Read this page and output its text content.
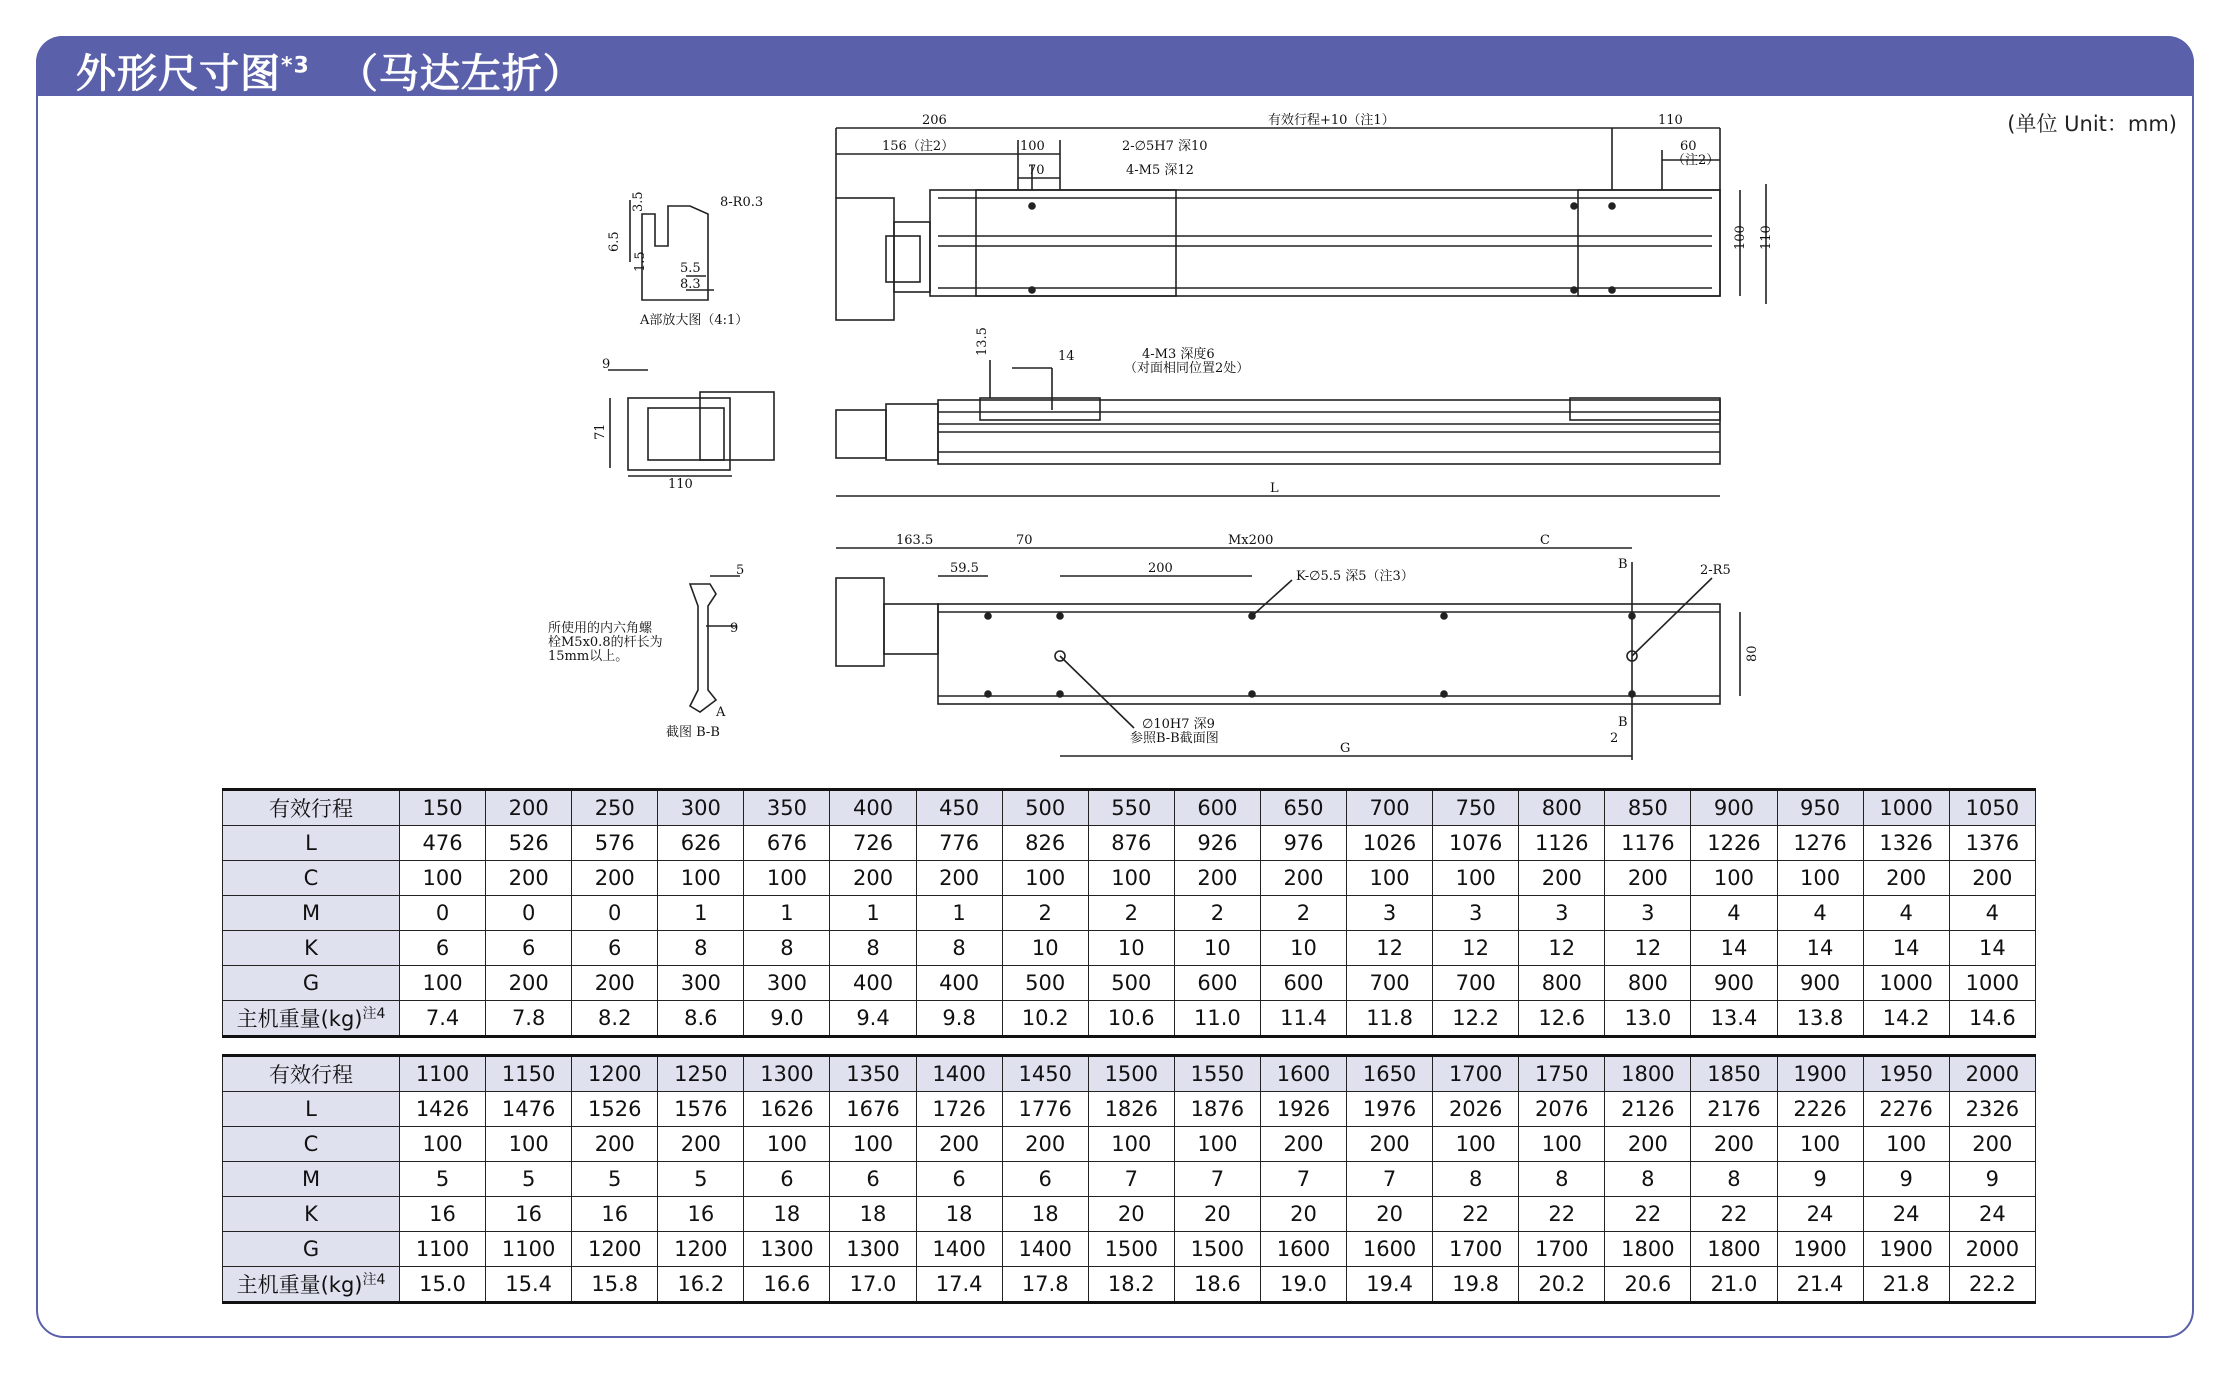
外形尺寸图$^{*3}$ （马达左折）
(单位 Unit：mm)
206	有效行程+10（注1）	110
156（注2）	100	2-∅5H7 深10	60
（注2）
70	4-M5 深12
100 110
3.5	8-R0.3
6.5
1.5 5.5
8.3
A部放大图（4:1）
13.5
14	4-M3 深度6
（对面相同位置2处）
L
9
71
110
163.5	70	Mx200	C
59.5	200
K-∅5.5 深5（注3）
B	2-R5
80
∅10H7 深9
参照B-B截面图
G
2
B
5
所使用的内六角螺
栓M5x0.8的杆长为
15mm以上。
9
A
截图 B-B
有效行程	150	200	250	300	350	400	450	500	550	600	650	700	750	800	850	900	950	1000	1050
L	476	526	576	626	676	726	776	826	876	926	976	1026	1076	1126	1176	1226	1276	1326	1376
C	100	200	200	100	100	200	200	100	100	200	200	100	100	200	200	100	100	200	200
M	0	0	0	1	1	1	1	2	2	2	2	3	3	3	3	4	4	4	4
K	6	6	6	8	8	8	8	10	10	10	10	12	12	12	12	14	14	14	14
G	100	200	200	300	300	400	400	500	500	600	600	700	700	800	800	900	900	1000	1000
主机重量(kg)$^{注4}$	7.4	7.8	8.2	8.6	9.0	9.4	9.8	10.2	10.6	11.0	11.4	11.8	12.2	12.6	13.0	13.4	13.8	14.2	14.6
有效行程	1100	1150	1200	1250	1300	1350	1400	1450	1500	1550	1600	1650	1700	1750	1800	1850	1900	1950	2000
L	1426	1476	1526	1576	1626	1676	1726	1776	1826	1876	1926	1976	2026	2076	2126	2176	2226	2276	2326
C	100	100	200	200	100	100	200	200	100	100	200	200	100	100	200	200	100	100	200
M	5	5	5	5	6	6	6	6	7	7	7	7	8	8	8	8	9	9	9
K	16	16	16	16	18	18	18	18	20	20	20	20	22	22	22	22	24	24	24
G	1100	1100	1200	1200	1300	1300	1400	1400	1500	1500	1600	1600	1700	1700	1800	1800	1900	1900	2000
主机重量(kg)$^{注4}$	15.0	15.4	15.8	16.2	16.6	17.0	17.4	17.8	18.2	18.6	19.0	19.4	19.8	20.2	20.6	21.0	21.4	21.8	22.2
